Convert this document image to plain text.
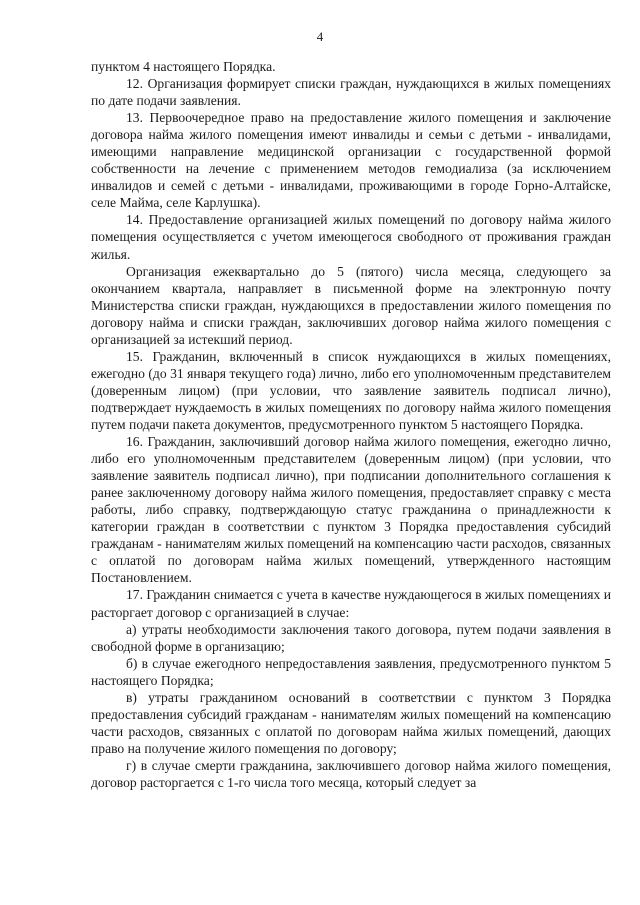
4

пунктом 4 настоящего Порядка.

12. Организация формирует списки граждан, нуждающихся в жилых помещениях по дате подачи заявления.

13. Первоочередное право на предоставление жилого помещения и заключение договора найма жилого помещения имеют инвалиды и семьи с детьми - инвалидами, имеющими направление медицинской организации с государственной формой собственности на лечение с применением методов гемодиализа (за исключением инвалидов и семей с детьми - инвалидами, проживающими в городе Горно-Алтайске, селе Майма, селе Карлушка).

14. Предоставление организацией жилых помещений по договору найма жилого помещения осуществляется с учетом имеющегося свободного от проживания граждан жилья.

Организация ежеквартально до 5 (пятого) числа месяца, следующего за окончанием квартала, направляет в письменной форме на электронную почту Министерства списки граждан, нуждающихся в предоставлении жилого помещения по договору найма и списки граждан, заключивших договор найма жилого помещения с организацией за истекший период.

15. Гражданин, включенный в список нуждающихся в жилых помещениях, ежегодно (до 31 января текущего года) лично, либо его уполномоченным представителем (доверенным лицом) (при условии, что заявление заявитель подписал лично), подтверждает нуждаемость в жилых помещениях по договору найма жилого помещения путем подачи пакета документов, предусмотренного пунктом 5 настоящего Порядка.

16. Гражданин, заключивший договор найма жилого помещения, ежегодно лично, либо его уполномоченным представителем (доверенным лицом) (при условии, что заявление заявитель подписал лично), при подписании дополнительного соглашения к ранее заключенному договору найма жилого помещения, предоставляет справку с места работы, либо справку, подтверждающую статус гражданина о принадлежности к категории граждан в соответствии с пунктом 3 Порядка предоставления субсидий гражданам - нанимателям жилых помещений на компенсацию части расходов, связанных с оплатой по договорам найма жилых помещений, утвержденного настоящим Постановлением.

17. Гражданин снимается с учета в качестве нуждающегося в жилых помещениях и расторгает договор с организацией в случае:

а) утраты необходимости заключения такого договора, путем подачи заявления в свободной форме в организацию;

б) в случае ежегодного непредоставления заявления, предусмотренного пунктом 5 настоящего Порядка;

в) утраты гражданином оснований в соответствии с пунктом 3 Порядка предоставления субсидий гражданам - нанимателям жилых помещений на компенсацию части расходов, связанных с оплатой по договорам найма жилых помещений, дающих право на получение жилого помещения по договору;

г) в случае смерти гражданина, заключившего договор найма жилого помещения, договор расторгается с 1-го числа того месяца, который следует за
